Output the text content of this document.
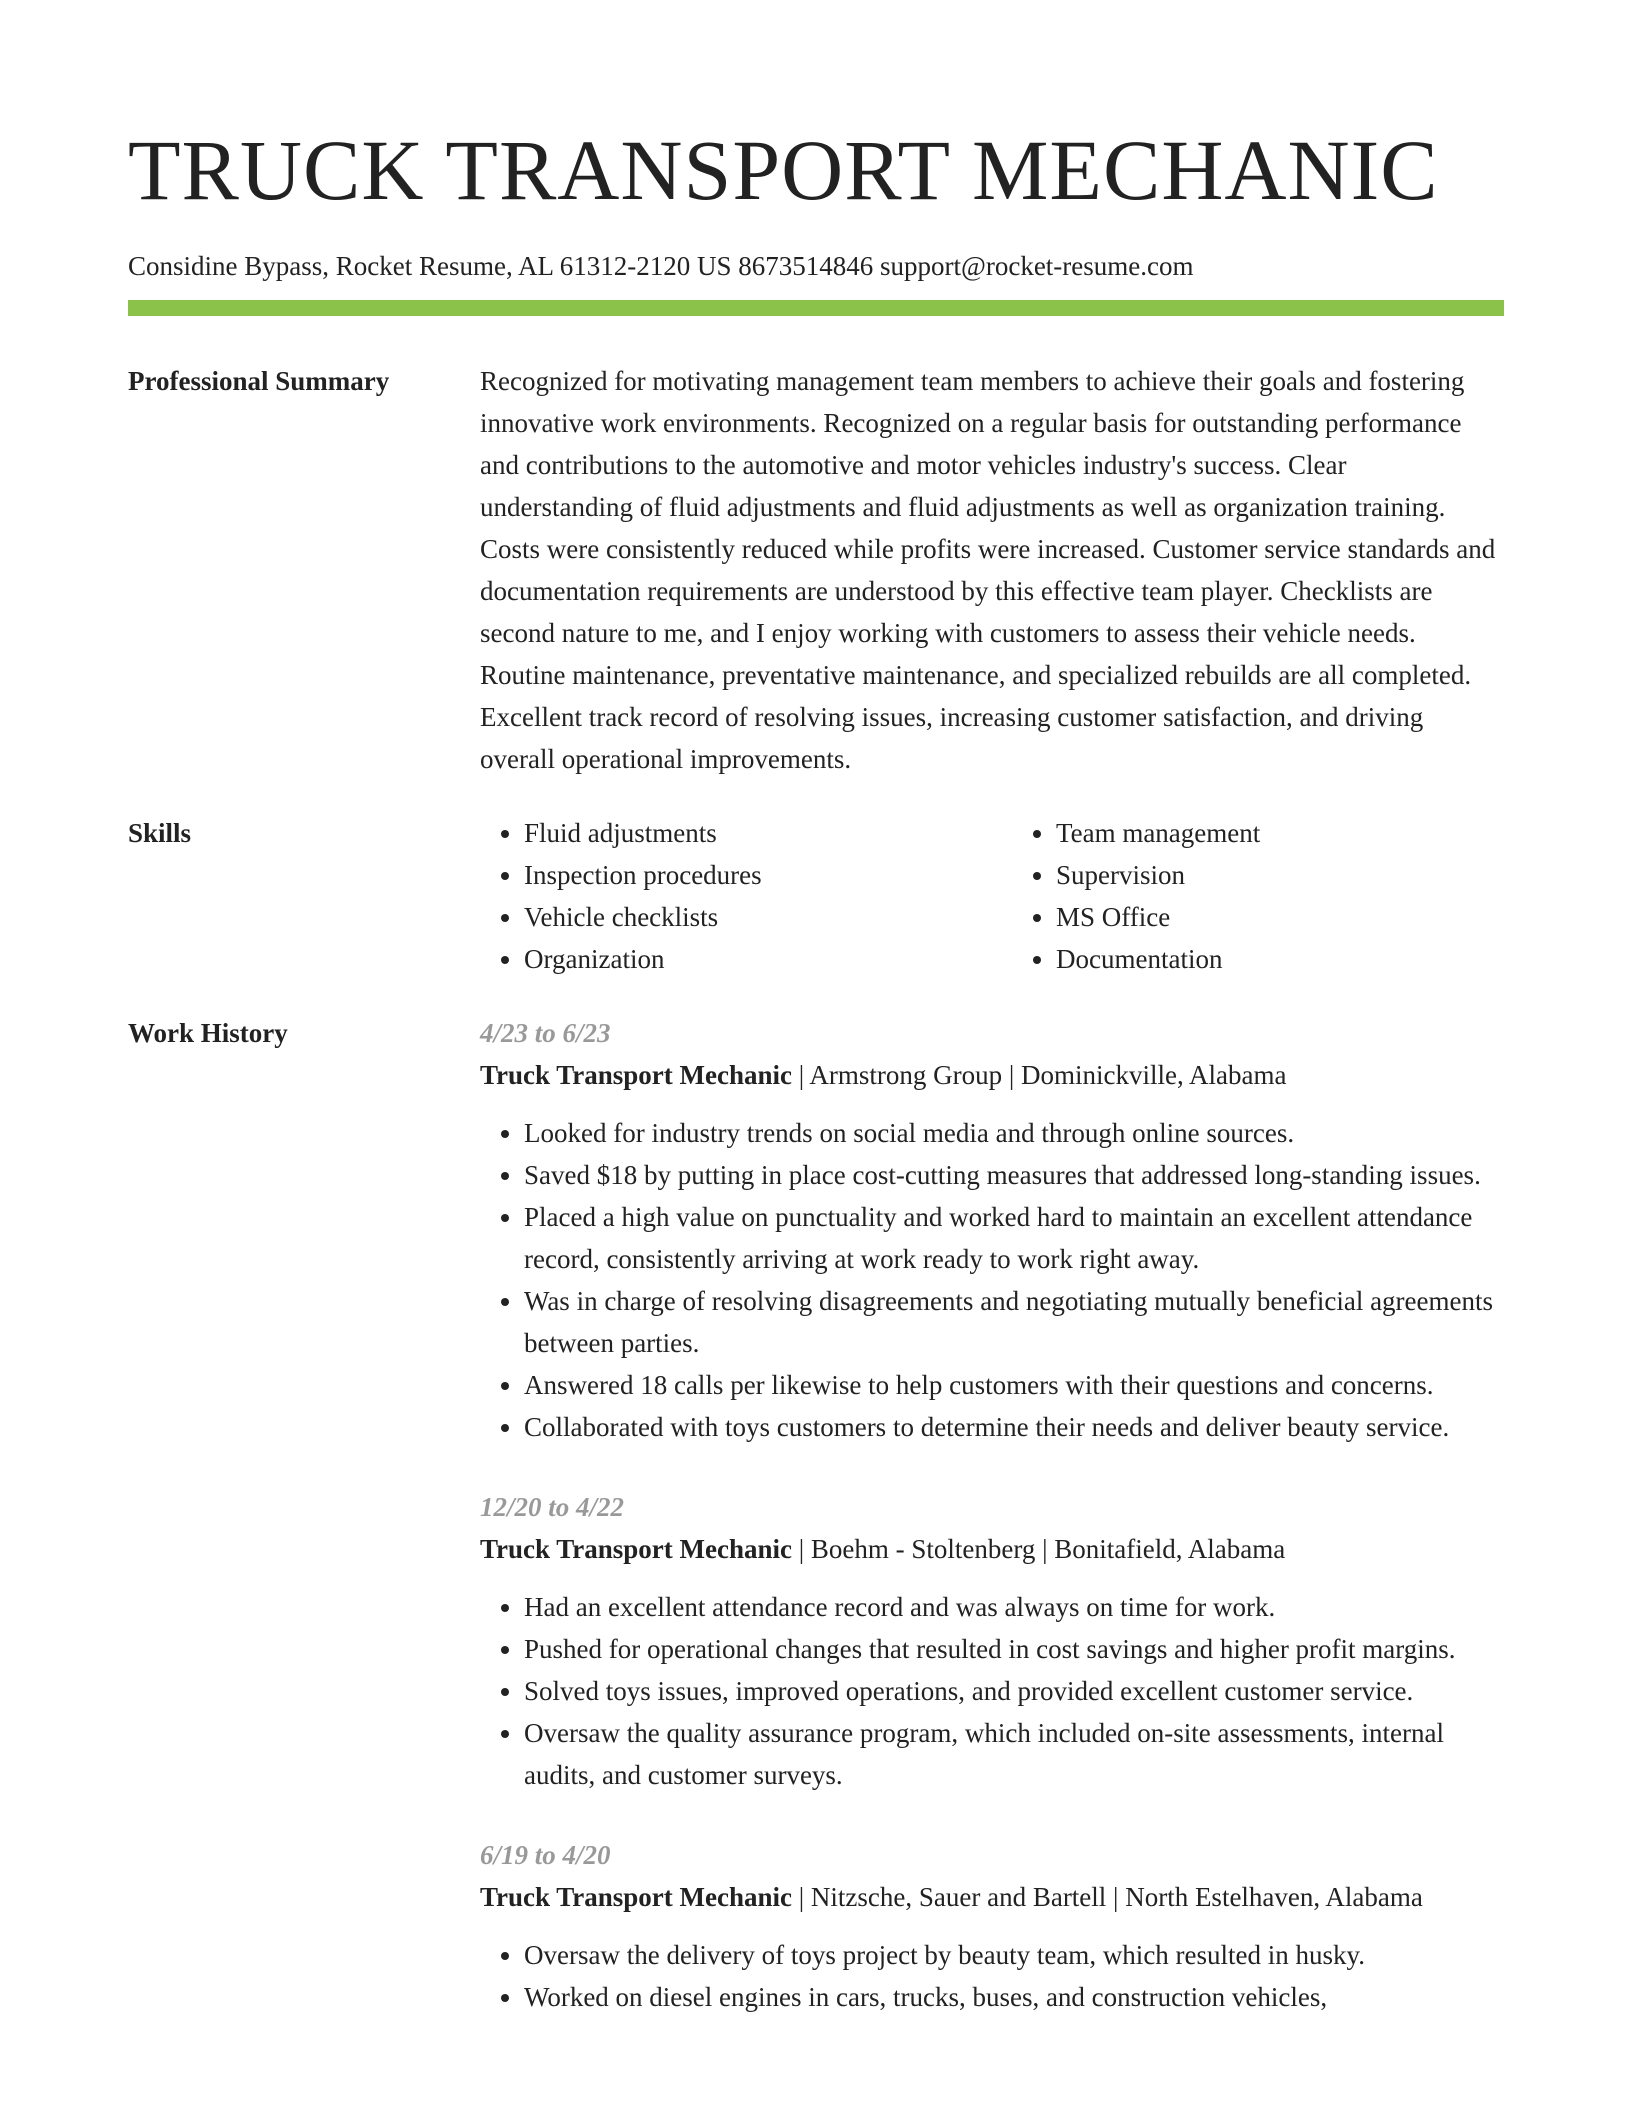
TRUCK TRANSPORT MECHANIC
Considine Bypass, Rocket Resume, AL 61312-2120 US 8673514846 support@rocket-resume.com
Professional Summary	Recognized for motivating management team members to achieve their goals and fostering innovative work environments. Recognized on a regular basis for outstanding performance and contributions to the automotive and motor vehicles industry's success. Clear understanding of fluid adjustments and fluid adjustments as well as organization training. Costs were consistently reduced while profits were increased. Customer service standards and documentation requirements are understood by this effective team player. Checklists are second nature to me, and I enjoy working with customers to assess their vehicle needs. Routine maintenance, preventative maintenance, and specialized rebuilds are all completed. Excellent track record of resolving issues, increasing customer satisfaction, and driving overall operational improvements.

Skills
•	Fluid adjustments
• Inspection procedures
• Vehicle checklists
• Organization
• Team management
• Supervision
• MS Office
• Documentation
Work History	4/23 to 6/23
Truck Transport Mechanic | Armstrong Group | Dominickville, Alabama
• Looked for industry trends on social media and through online sources.
• Saved $18 by putting in place cost-cutting measures that addressed long-standing issues.
• Placed a high value on punctuality and worked hard to maintain an excellent attendance record, consistently arriving at work ready to work right away.
• Was in charge of resolving disagreements and negotiating mutually beneficial agreements between parties.
• Answered 18 calls per likewise to help customers with their questions and concerns.
• Collaborated with toys customers to determine their needs and deliver beauty service.
12/20 to 4/22
Truck Transport Mechanic | Boehm - Stoltenberg | Bonitafield, Alabama
• Had an excellent attendance record and was always on time for work.
• Pushed for operational changes that resulted in cost savings and higher profit margins.
• Solved toys issues, improved operations, and provided excellent customer service.
• Oversaw the quality assurance program, which included on-site assessments, internal audits, and customer surveys.
6/19 to 4/20
Truck Transport Mechanic | Nitzsche, Sauer and Bartell | North Estelhaven, Alabama
• Oversaw the delivery of toys project by beauty team, which resulted in husky.
• Worked on diesel engines in cars, trucks, buses, and construction vehicles,
